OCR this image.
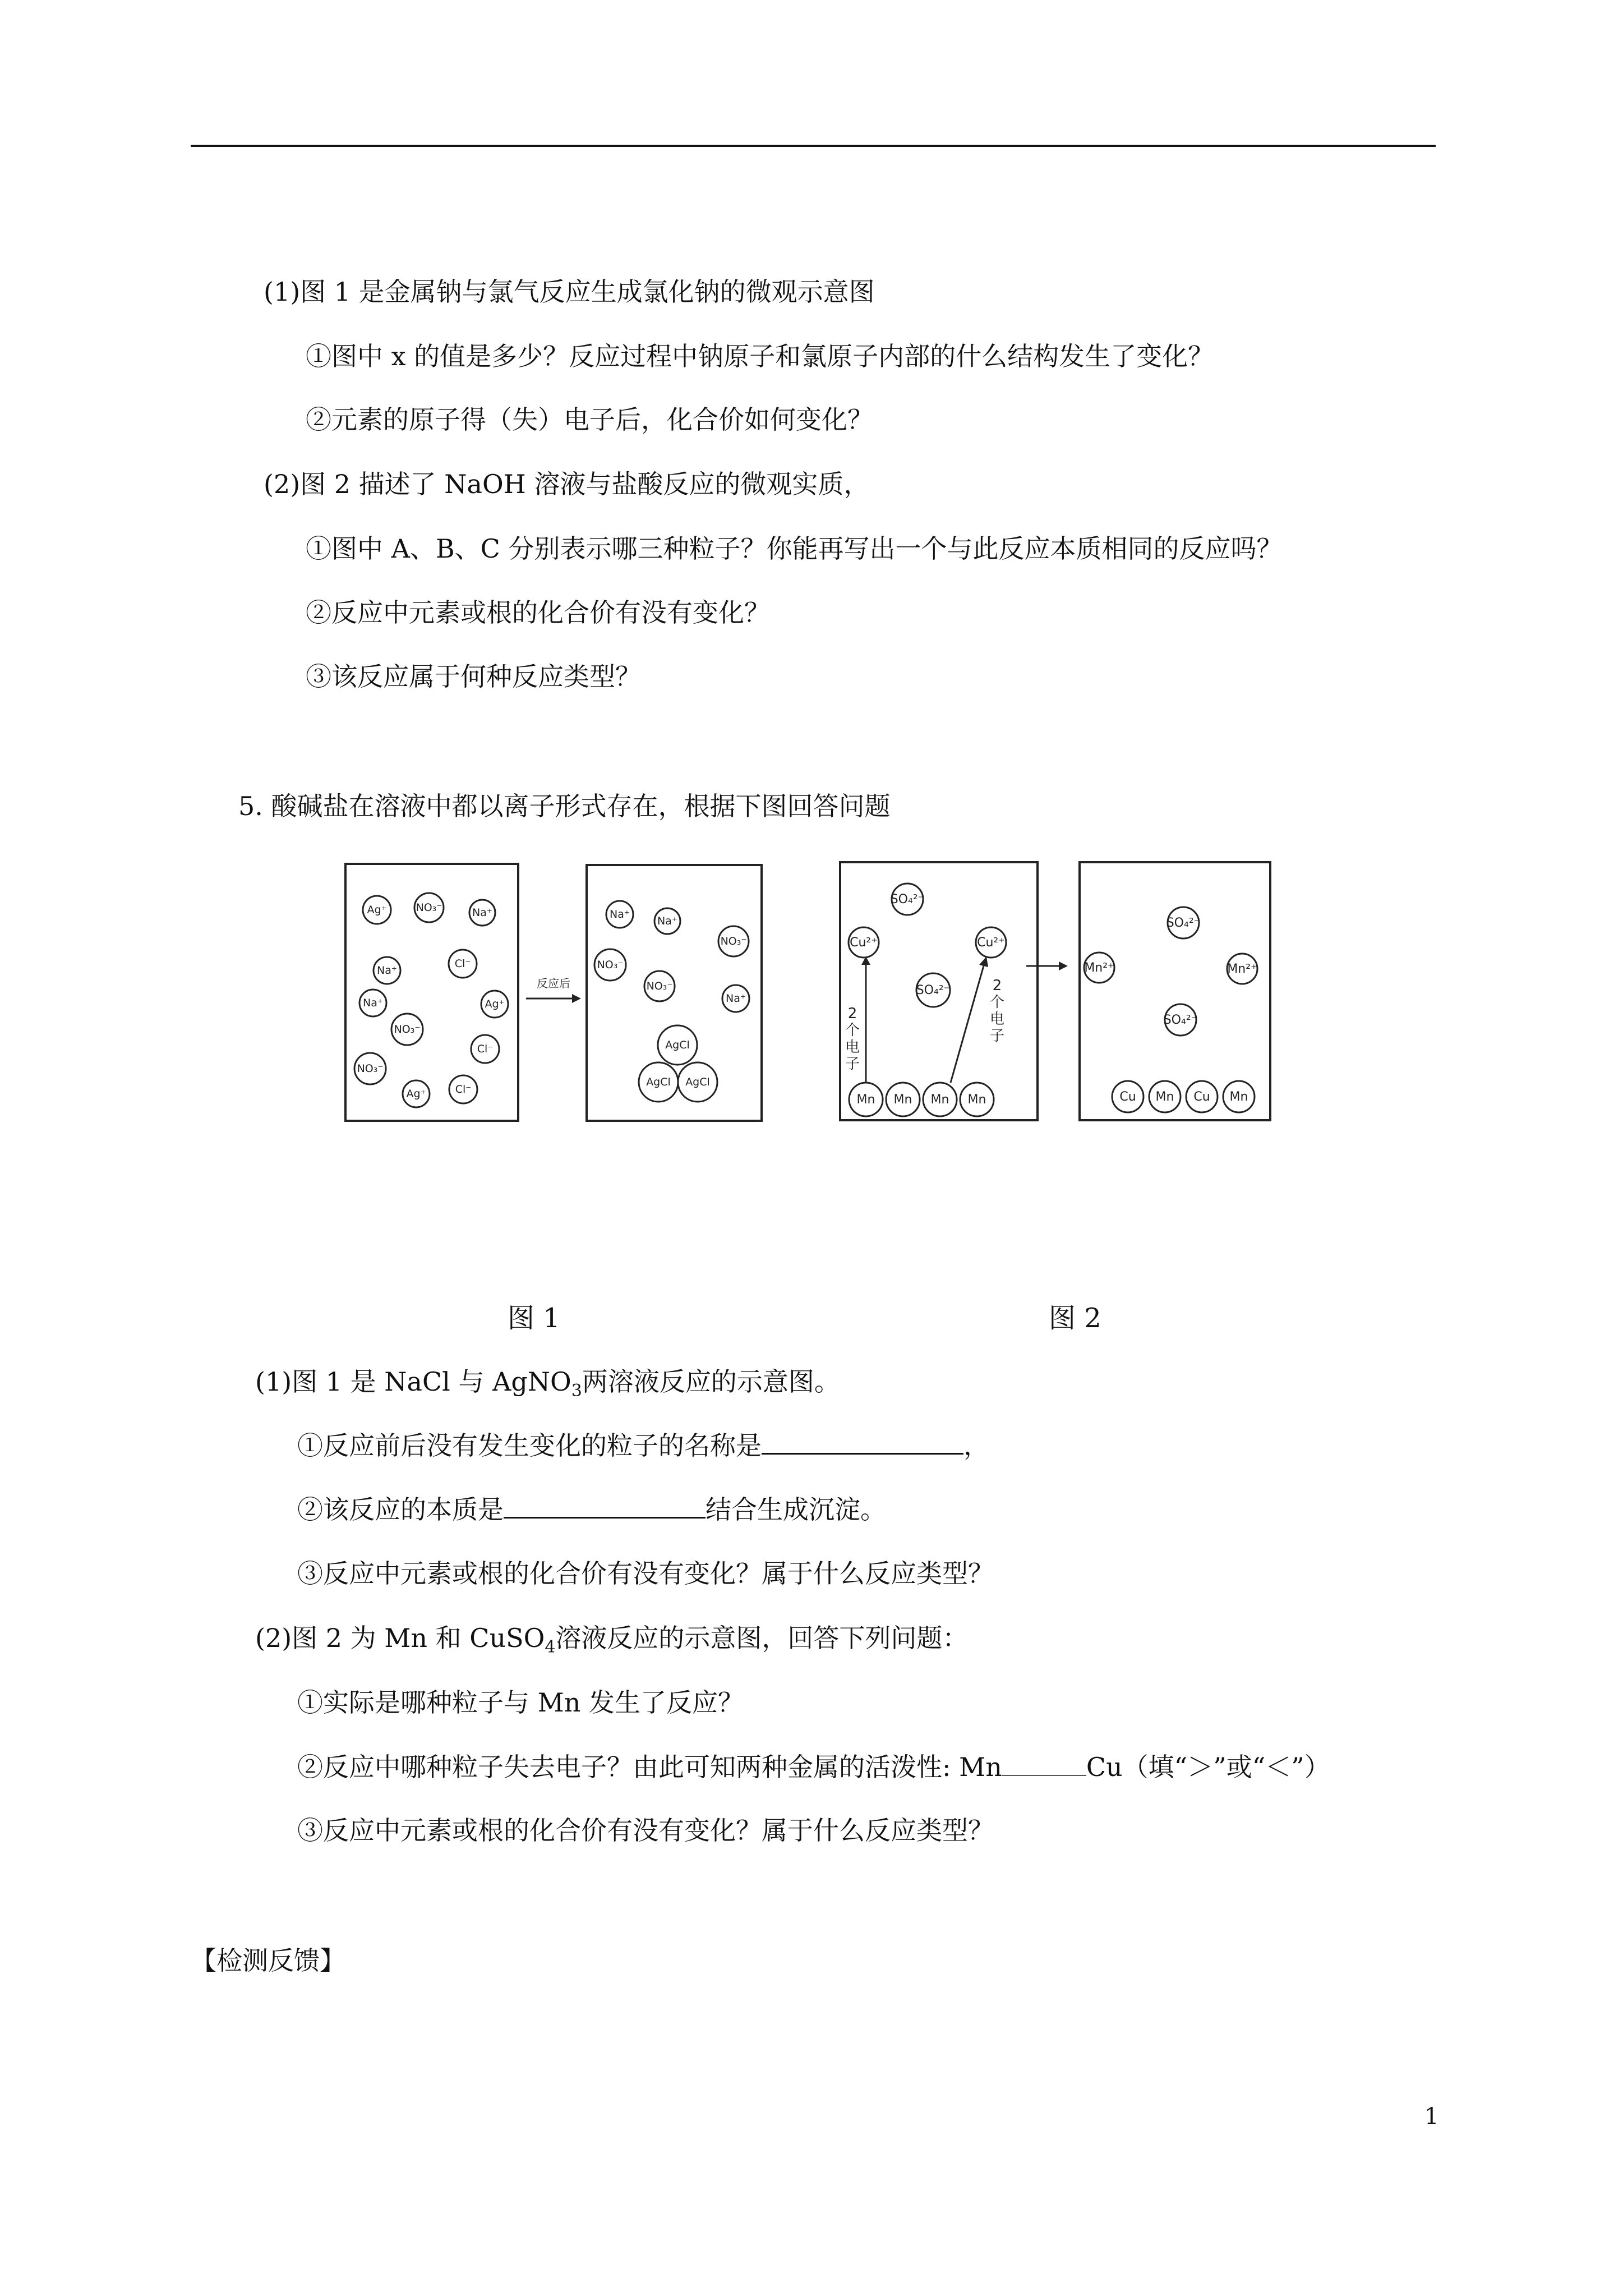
(1)图 1 是金属钠与氯气反应生成氯化钠的微观示意图
①图中 x 的值是多少？反应过程中钠原子和氯原子内部的什么结构发生了变化？
②元素的原子得（失）电子后，化合价如何变化？
(2)图 2 描述了 NaOH 溶液与盐酸反应的微观实质，
①图中 A、B、C 分别表示哪三种粒子？你能再写出一个与此反应本质相同的反应吗？
②反应中元素或根的化合价有没有变化？
③该反应属于何种反应类型？
5. 酸碱盐在溶液中都以离子形式存在，根据下图回答问题
Ag⁺	NO₃⁻	Na⁺
Na⁺
Cl⁻
Na⁺	Ag⁺
NO₃⁻
Cl⁻
NO₃⁻
Ag⁺	Cl⁻
反应后
Na⁺
Na⁺
NO₃⁻
NO₃⁻
NO₃⁻
Na⁺
AgCl
AgCl AgCl
SO₄²⁻
Cu²⁺	Cu²⁺
SO₄²⁻
Mn Mn Mn Mn
2
个
电
子
2
个
电
子
SO₄²⁻
Mn²⁺	Mn²⁺
SO₄²⁻
Cu Mn Cu Mn
图 1	图 2
(1)图 1 是 NaCl 与 AgNO$_3$两溶液反应的示意图。
①反应前后没有发生变化的粒子的名称是	，
②该反应的本质是	结合生成沉淀。
③反应中元素或根的化合价有没有变化？属于什么反应类型？
(2)图 2 为 Mn 和 CuSO$_4$溶液反应的示意图，回答下列问题：
①实际是哪种粒子与 Mn 发生了反应？
②反应中哪种粒子失去电子？由此可知两种金属的活泼性: Mn	Cu（填“＞”或“＜”）
③反应中元素或根的化合价有没有变化？属于什么反应类型？
【检测反馈】
1
